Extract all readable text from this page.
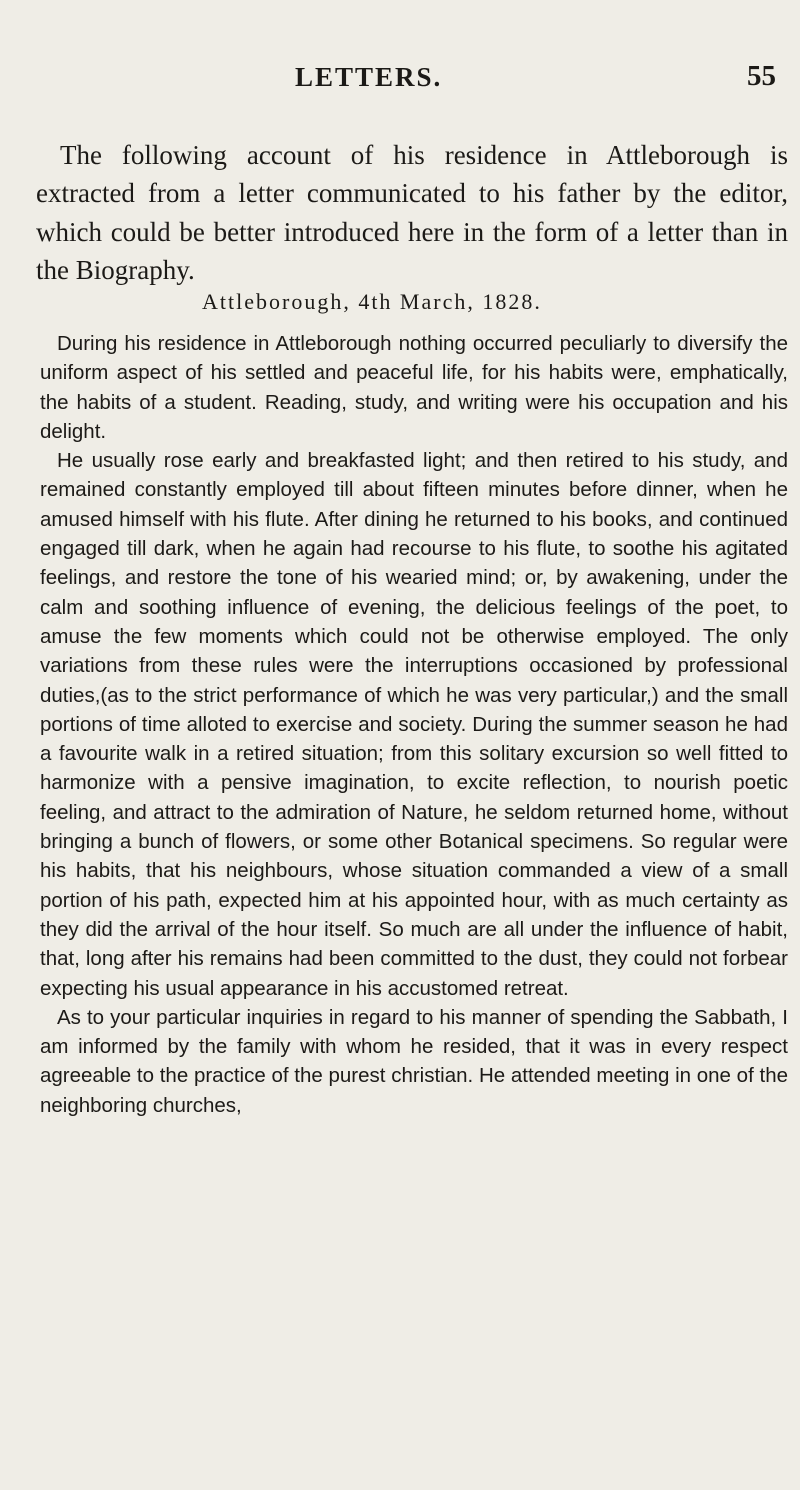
LETTERS.	55

The following account of his residence in Attleborough is extracted from a letter communicated to his father by the editor, which could be better introduced here in the form of a letter than in the Biography.

Attleborough, 4th March, 1828.

During his residence in Attleborough nothing occurred peculiarly to diversify the uniform aspect of his settled and peaceful life, for his habits were, emphatically, the habits of a student. Reading, study, and writing were his occupation and his delight.

He usually rose early and breakfasted light; and then retired to his study, and remained constantly employed till about fifteen minutes before dinner, when he amused himself with his flute. After dining he returned to his books, and continued engaged till dark, when he again had recourse to his flute, to soothe his agitated feelings, and restore the tone of his wearied mind; or, by awakening, under the calm and soothing influence of evening, the delicious feelings of the poet, to amuse the few moments which could not be otherwise employed. The only variations from these rules were the interruptions occasioned by professional duties,(as to the strict performance of which he was very particular,) and the small portions of time alloted to exercise and society. During the summer season he had a favourite walk in a retired situation; from this solitary excursion so well fitted to harmonize with a pensive imagination, to excite reflection, to nourish poetic feeling, and attract to the admiration of Nature, he seldom returned home, without bringing a bunch of flowers, or some other Botanical specimens. So regular were his habits, that his neighbours, whose situation commanded a view of a small portion of his path, expected him at his appointed hour, with as much certainty as they did the arrival of the hour itself. So much are all under the influence of habit, that, long after his remains had been committed to the dust, they could not forbear expecting his usual appearance in his accustomed retreat.

As to your particular inquiries in regard to his manner of spending the Sabbath, I am informed by the family with whom he resided, that it was in every respect agreeable to the practice of the purest christian. He attended meeting in one of the neighboring churches,
